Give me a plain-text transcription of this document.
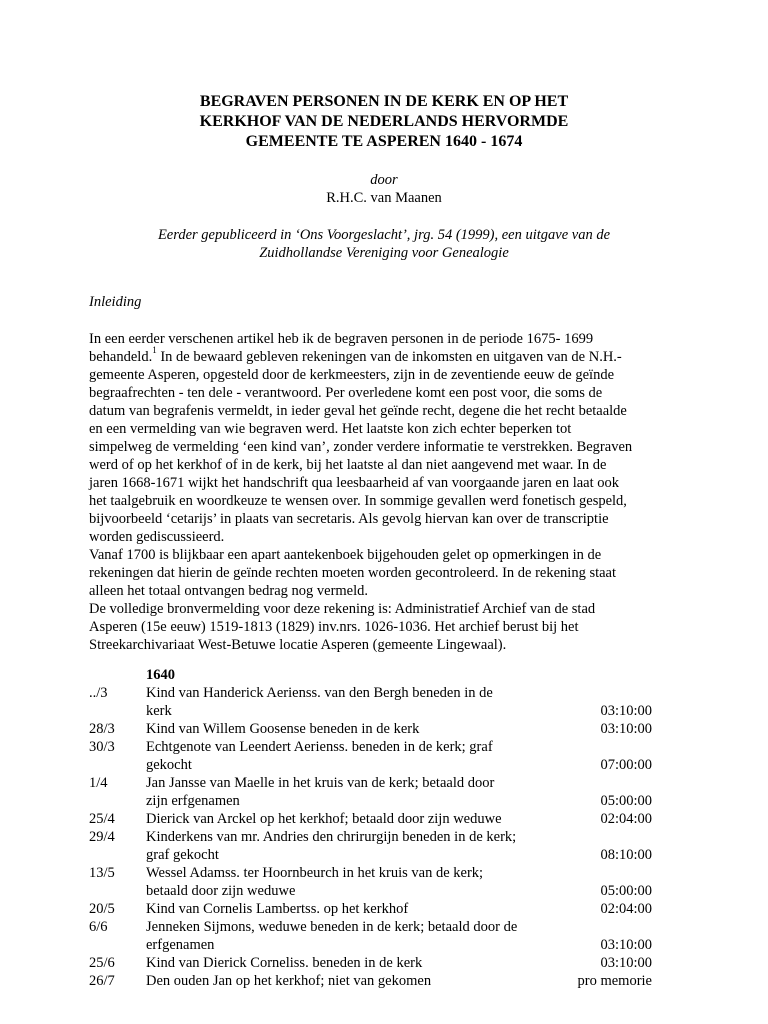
BEGRAVEN PERSONEN IN DE KERK EN OP HET
KERKHOF VAN DE NEDERLANDS HERVORMDE
GEMEENTE TE ASPEREN 1640 - 1674
door
R.H.C. van Maanen
Eerder gepubliceerd in ‘Ons Voorgeslacht’, jrg. 54 (1999), een uitgave van de
Zuidhollandse Vereniging voor Genealogie
Inleiding
In een eerder verschenen artikel heb ik de begraven personen in de periode 1675- 1699
behandeld.$^1$ In de bewaard gebleven rekeningen van de inkomsten en uitgaven van de N.H.-
gemeente Asperen, opgesteld door de kerkmeesters, zijn in de zeventiende eeuw de geïnde
begraafrechten - ten dele - verantwoord. Per overledene komt een post voor, die soms de
datum van begrafenis vermeldt, in ieder geval het geïnde recht, degene die het recht betaalde
en een vermelding van wie begraven werd. Het laatste kon zich echter beperken tot
simpelweg de vermelding ‘een kind van’, zonder verdere informatie te verstrekken. Begraven
werd of op het kerkhof of in de kerk, bij het laatste al dan niet aangevend met waar. In de
jaren 1668-1671 wijkt het handschrift qua leesbaarheid af van voorgaande jaren en laat ook
het taalgebruik en woordkeuze te wensen over. In sommige gevallen werd fonetisch gespeld,
bijvoorbeeld ‘cetarijs’ in plaats van secretaris. Als gevolg hiervan kan over de transcriptie
worden gediscussieerd.
Vanaf 1700 is blijkbaar een apart aantekenboek bijgehouden gelet op opmerkingen in de
rekeningen dat hierin de geïnde rechten moeten worden gecontroleerd. In de rekening staat
alleen het totaal ontvangen bedrag nog vermeld.
De volledige bronvermelding voor deze rekening is: Administratief Archief van de stad
Asperen (15e eeuw) 1519-1813 (1829) inv.nrs. 1026-1036. Het archief berust bij het
Streekarchivariaat West-Betuwe locatie Asperen (gemeente Lingewaal).
1640
../3	Kind van Handerick Aerienss. van den Bergh beneden in de
kerk	03:10:00
28/3 Kind van Willem Goosense beneden in de kerk	03:10:00
30/3 Echtgenote van Leendert Aerienss. beneden in de kerk; graf
gekocht	07:00:00
1/4	Jan Jansse van Maelle in het kruis van de kerk; betaald door
zijn erfgenamen	05:00:00
25/4 Dierick van Arckel op het kerkhof; betaald door zijn weduwe	02:04:00
29/4 Kinderkens van mr. Andries den chrirurgijn beneden in de kerk;
graf gekocht	08:10:00
13/5 Wessel Adamss. ter Hoornbeurch in het kruis van de kerk;
betaald door zijn weduwe	05:00:00
20/5 Kind van Cornelis Lambertss. op het kerkhof	02:04:00
6/6	Jenneken Sijmons, weduwe beneden in de kerk; betaald door de
erfgenamen	03:10:00
25/6 Kind van Dierick Corneliss. beneden in de kerk	03:10:00
26/7 Den ouden Jan op het kerkhof; niet van gekomen	pro memorie
